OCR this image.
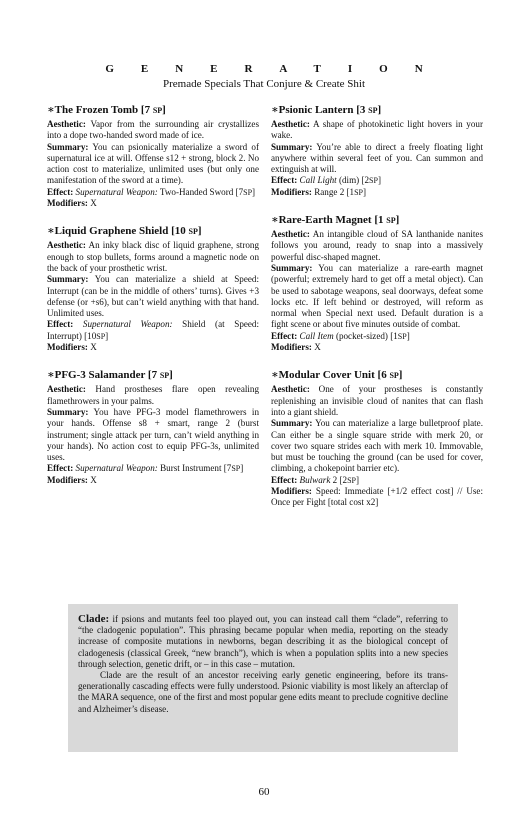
GENERATION
Premade Specials That Conjure & Create Shit
∗The Frozen Tomb [7 SP]
Aesthetic: Vapor from the surrounding air crystallizes into a dope two-handed sword made of ice.
Summary: You can psionically materialize a sword of supernatural ice at will. Offense s12 + strong, block 2. No action cost to materialize, unlimited uses (but only one manifestation of the sword at a time).
Effect: Supernatural Weapon: Two-Handed Sword [7SP]
Modifiers: X
∗Liquid Graphene Shield [10 SP]
Aesthetic: An inky black disc of liquid graphene, strong enough to stop bullets, forms around a magnetic node on the back of your prosthetic wrist.
Summary: You can materialize a shield at Speed: Interrupt (can be in the middle of others’ turns). Gives +3 defense (or +s6), but can’t wield anything with that hand. Unlimited uses.
Effect: Supernatural Weapon: Shield (at Speed: Interrupt) [10SP]
Modifiers: X
∗PFG-3 Salamander [7 SP]
Aesthetic: Hand prostheses flare open revealing flamethrowers in your palms.
Summary: You have PFG-3 model flamethrowers in your hands. Offense s8 + smart, range 2 (burst instrument; single attack per turn, can’t wield anything in your hands). No action cost to equip PFG-3s, unlimited uses.
Effect: Supernatural Weapon: Burst Instrument [7SP]
Modifiers: X
∗Psionic Lantern [3 SP]
Aesthetic: A shape of photokinetic light hovers in your wake.
Summary: You’re able to direct a freely floating light anywhere within several feet of you. Can summon and extinguish at will.
Effect: Call Light (dim) [2SP]
Modifiers: Range 2 [1SP]
∗Rare-Earth Magnet [1 SP]
Aesthetic: An intangible cloud of SA lanthanide nanites follows you around, ready to snap into a massively powerful disc-shaped magnet.
Summary: You can materialize a rare-earth magnet (powerful; extremely hard to get off a metal object). Can be used to sabotage weapons, seal doorways, defeat some locks etc. If left behind or destroyed, will reform as normal when Special next used. Default duration is a fight scene or about five minutes outside of combat.
Effect: Call Item (pocket-sized) [1SP]
Modifiers: X
∗Modular Cover Unit [6 SP]
Aesthetic: One of your prostheses is constantly replenishing an invisible cloud of nanites that can flash into a giant shield.
Summary: You can materialize a large bulletproof plate. Can either be a single square stride with merk 20, or cover two square strides each with merk 10. Immovable, but must be touching the ground (can be used for cover, climbing, a chokepoint barrier etc).
Effect: Bulwark 2 [2SP]
Modifiers: Speed: Immediate [+1/2 effect cost] // Use: Once per Fight [total cost x2]

Clade: if psions and mutants feel too played out, you can instead call them “clade”, referring to “the cladogenic population”. This phrasing became popular when media, reporting on the steady increase of composite mutations in newborns, began describing it as the biological concept of cladogenesis (classical Greek, “new branch”), which is when a population splits into a new species through selection, genetic drift, or – in this case – mutation.

Clade are the result of an ancestor receiving early genetic engineering, before its trans-generationally cascading effects were fully understood. Psionic viability is most likely an afterclap of the MARA sequence, one of the first and most popular gene edits meant to preclude cognitive decline and Alzheimer’s disease.

60
